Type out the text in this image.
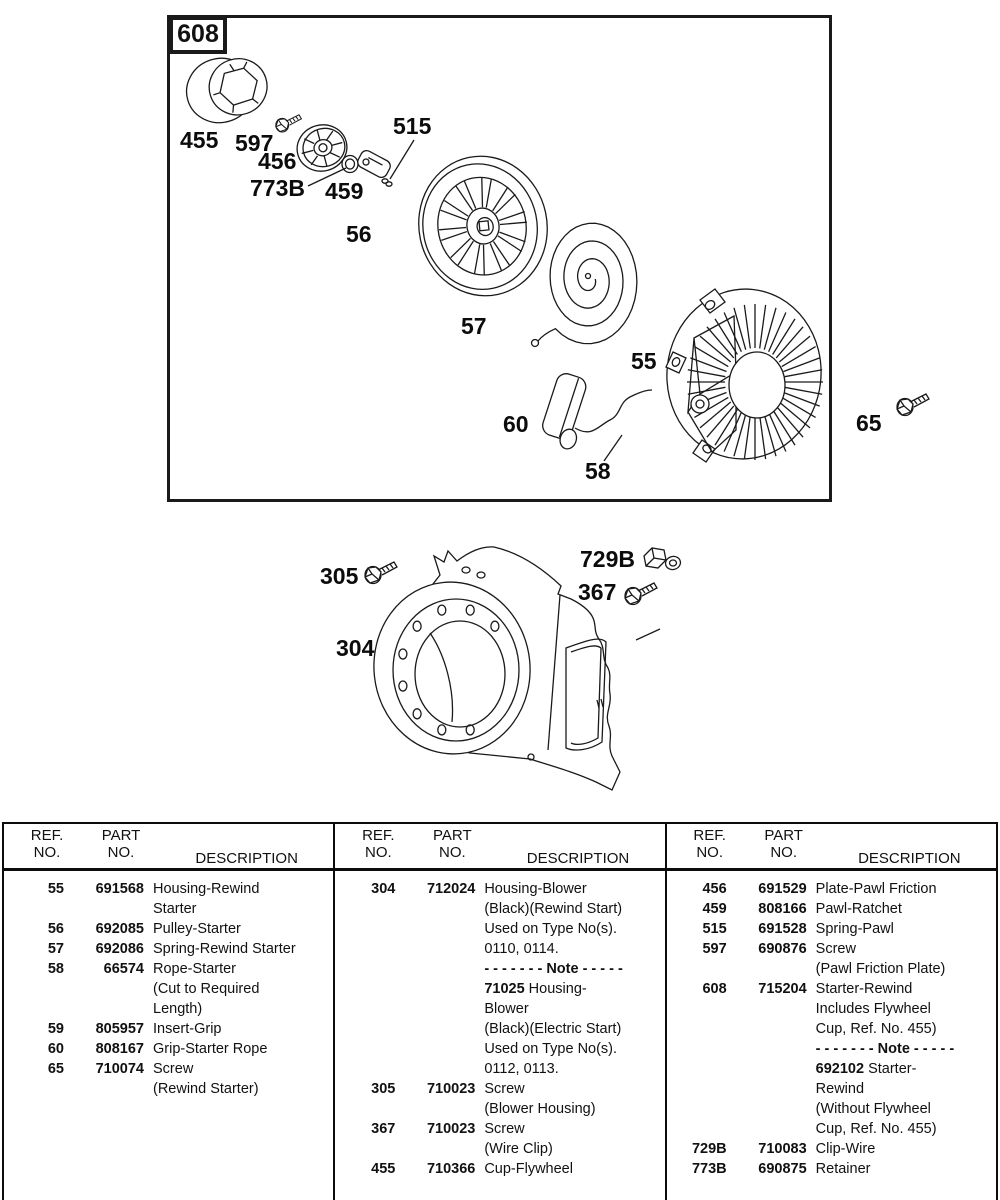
608
455 597
456
773B 459
515
56
57
55
60
58
65
305
729B
367
304
REF.
NO.
PART
NO.	DESCRIPTION
55	691568 Housing-Rewind
Starter
56	692085 Pulley-Starter
57	692086 Spring-Rewind Starter
58	66574 Rope-Starter
(Cut to Required
Length)
59	805957 Insert-Grip
60	808167 Grip-Starter Rope
65	710074 Screw
(Rewind Starter)
REF.
NO.
PART
NO.	DESCRIPTION
304	712024 Housing-Blower
(Black)(Rewind Start)
Used on Type No(s).
0110, 0114.
- - - - - - - Note - - - - -
71025 Housing-
Blower
(Black)(Electric Start)
Used on Type No(s).
0112, 0113.
305	710023 Screw
(Blower Housing)
367	710023 Screw
(Wire Clip)
455	710366 Cup-Flywheel
REF.
NO.
PART
NO.	DESCRIPTION
456	691529 Plate-Pawl Friction
459	808166 Pawl-Ratchet
515	691528 Spring-Pawl
597	690876 Screw
(Pawl Friction Plate)
608	715204 Starter-Rewind
Includes Flywheel
Cup, Ref. No. 455)
- - - - - - - Note - - - - -
692102 Starter-
Rewind
(Without Flywheel
Cup, Ref. No. 455)
729B	710083 Clip-Wire
773B	690875 Retainer
